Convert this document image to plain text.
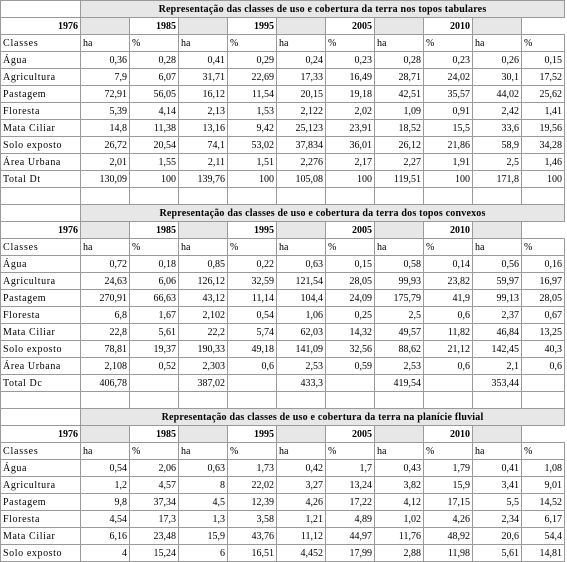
	Representação das classes de uso e cobertura da terra nos topos tabulares									
1976		1985		1995		2005		2010		
Classes	ha	%	ha	%	ha	%	ha	%	ha	%
Água	0,36	0,28	0,41	0,29	0,24	0,23	0,28	0,23	0,26	0,15
Agricultura	7,9	6,07	31,71	22,69	17,33	16,49	28,71	24,02	30,1	17,52
Pastagem	72,91	56,05	16,12	11,54	20,15	19,18	42,51	35,57	44,02	25,62
Floresta	5,39	4,14	2,13	1,53	2,122	2,02	1,09	0,91	2,42	1,41
Mata Ciliar	14,8	11,38	13,16	9,42	25,123	23,91	18,52	15,5	33,6	19,56
Solo exposto	26,72	20,54	74,1	53,02	37,834	36,01	26,12	21,86	58,9	34,28
Área Urbana	2,01	1,55	2,11	1,51	2,276	2,17	2,27	1,91	2,5	1,46
Total Dt	130,09	100	139,76	100	105,08	100	119,51	100	171,8	100

	Representação das classes de uso e cobertura da terra dos topos convexos									
1976		1985		1995		2005		2010		
Classes	ha	%	ha	%	ha	%	ha	%	ha	%
Água	0,72	0,18	0,85	0,22	0,63	0,15	0,58	0,14	0,56	0,16
Agricultura	24,63	6,06	126,12	32,59	121,54	28,05	99,93	23,82	59,97	16,97
Pastagem	270,91	66,63	43,12	11,14	104,4	24,09	175,79	41,9	99,13	28,05
Floresta	6,8	1,67	2,102	0,54	1,06	0,25	2,5	0,6	2,37	0,67
Mata Ciliar	22,8	5,61	22,2	5,74	62,03	14,32	49,57	11,82	46,84	13,25
Solo exposto	78,81	19,37	190,33	49,18	141,09	32,56	88,62	21,12	142,45	40,3
Área Urbana	2,108	0,52	2,303	0,6	2,53	0,59	2,53	0,6	2,1	0,6
Total Dc	406,78		387,02		433,3		419,54		353,44	

	Representação das classes de uso e cobertura da terra na planície fluvial									
1976		1985		1995		2005		2010		
Classes	ha	%	ha	%	ha	%	ha	%	ha	%
Água	0,54	2,06	0,63	1,73	0,42	1,7	0,43	1,79	0,41	1,08
Agricultura	1,2	4,57	8	22,02	3,27	13,24	3,82	15,9	3,41	9,01
Pastagem	9,8	37,34	4,5	12,39	4,26	17,22	4,12	17,15	5,5	14,52
Floresta	4,54	17,3	1,3	3,58	1,21	4,89	1,02	4,26	2,34	6,17
Mata Ciliar	6,16	23,48	15,9	43,76	11,12	44,97	11,76	48,92	20,6	54,4
Solo exposto	4	15,24	6	16,51	4,452	17,99	2,88	11,98	5,61	14,81
